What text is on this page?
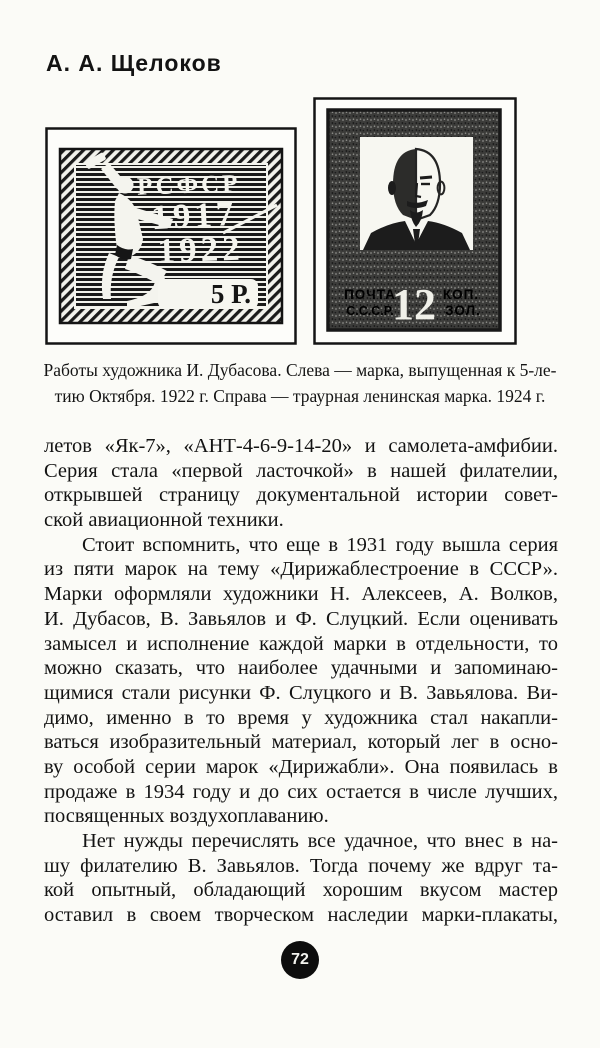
А. А. Щелоков
РСФСР
1917
1922
5 Р.	ПОЧТА
С.С.С.Р.
12 КОП.
ЗОЛ.
Работы художника И. Дубасова. Слева — марка, выпущенная к 5-ле-
тию Октября. 1922 г. Справа — траурная ленинская марка. 1924 г.
летов «Як-7», «АНТ-4-6-9-14-20» и самолета-амфибии.
Серия стала «первой ласточкой» в нашей филателии,
открывшей страницу документальной истории совет-
ской авиационной техники.
Стоит вспомнить, что еще в 1931 году вышла серия
из пяти марок на тему «Дирижаблестроение в СССР».
Марки оформляли художники Н. Алексеев, А. Волков,
И. Дубасов, В. Завьялов и Ф. Слуцкий. Если оценивать
замысел и исполнение каждой марки в отдельности, то
можно сказать, что наиболее удачными и запоминаю-
щимися стали рисунки Ф. Слуцкого и В. Завьялова. Ви-
димо, именно в то время у художника стал накапли-
ваться изобразительный материал, который лег в осно-
ву особой серии марок «Дирижабли». Она появилась в
продаже в 1934 году и до сих остается в числе лучших,
посвященных воздухоплаванию.
Нет нужды перечислять все удачное, что внес в на-
шу филателию В. Завьялов. Тогда почему же вдруг та-
кой опытный, обладающий хорошим вкусом мастер
оставил в своем творческом наследии марки-плакаты,
72
